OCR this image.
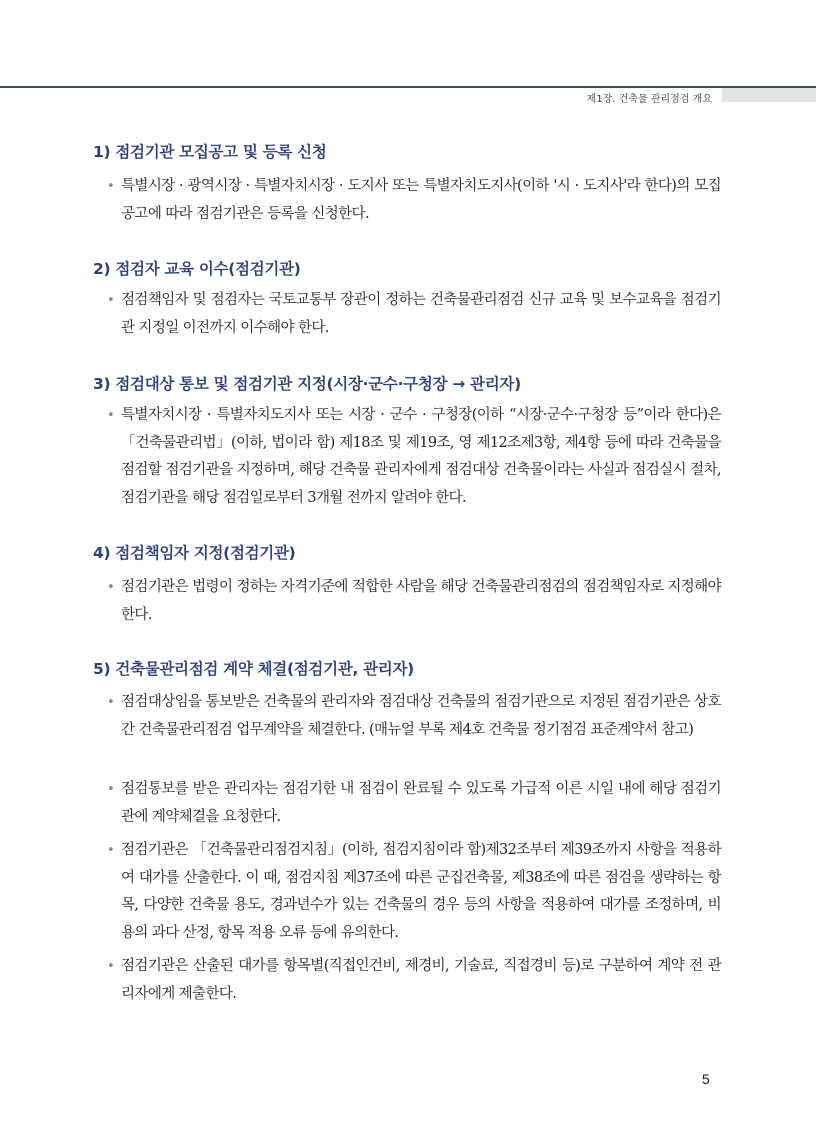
제1장. 건축물 관리점검 개요
1) 점검기관 모집공고 및 등록 신청

• 특별시장 · 광역시장 · 특별자치시장 · 도지사 또는 특별자치도지사(이하 '시 · 도지사'라 한다)의 모집공고에 따라 점검기관은 등록을 신청한다.

2) 점검자 교육 이수(점검기관)

• 점검책임자 및 점검자는 국토교통부 장관이 정하는 건축물관리점검 신규 교육 및 보수교육을 점검기관 지정일 이전까지 이수해야 한다.

3) 점검대상 통보 및 점검기관 지정(시장·군수·구청장 → 관리자)

• 특별자치시장 · 특별자치도지사 또는 시장 · 군수 · 구청장(이하 “시장·군수·구청장 등”이라 한다)은 「건축물관리법」(이하, 법이라 함) 제18조 및 제19조, 영 제12조제3항, 제4항 등에 따라 건축물을 점검할 점검기관을 지정하며, 해당 건축물 관리자에게 점검대상 건축물이라는 사실과 점검실시 절차, 점검기관을 해당 점검일로부터 3개월 전까지 알려야 한다.

4) 점검책임자 지정(점검기관)

• 점검기관은 법령이 정하는 자격기준에 적합한 사람을 해당 건축물관리점검의 점검책임자로 지정해야 한다.

5) 건축물관리점검 계약 체결(점검기관, 관리자)

• 점검대상임을 통보받은 건축물의 관리자와 점검대상 건축물의 점검기관으로 지정된 점검기관은 상호 간 건축물관리점검 업무계약을 체결한다. (매뉴얼 부록 제4호 건축물 정기점검 표준계약서 참고)

• 점검통보를 받은 관리자는 점검기한 내 점검이 완료될 수 있도록 가급적 이른 시일 내에 해당 점검기관에 계약체결을 요청한다.

• 점검기관은 「건축물관리점검지침」(이하, 점검지침이라 함)제32조부터 제39조까지 사항을 적용하여 대가를 산출한다. 이 때, 점검지침 제37조에 따른 군집건축물, 제38조에 따른 점검을 생략하는 항목, 다양한 건축물 용도, 경과년수가 있는 건축물의 경우 등의 사항을 적용하여 대가를 조정하며, 비용의 과다 산정, 항목 적용 오류 등에 유의한다.

• 점검기관은 산출된 대가를 항목별(직접인건비, 제경비, 기술료, 직접경비 등)로 구분하여 계약 전 관리자에게 제출한다.

5
